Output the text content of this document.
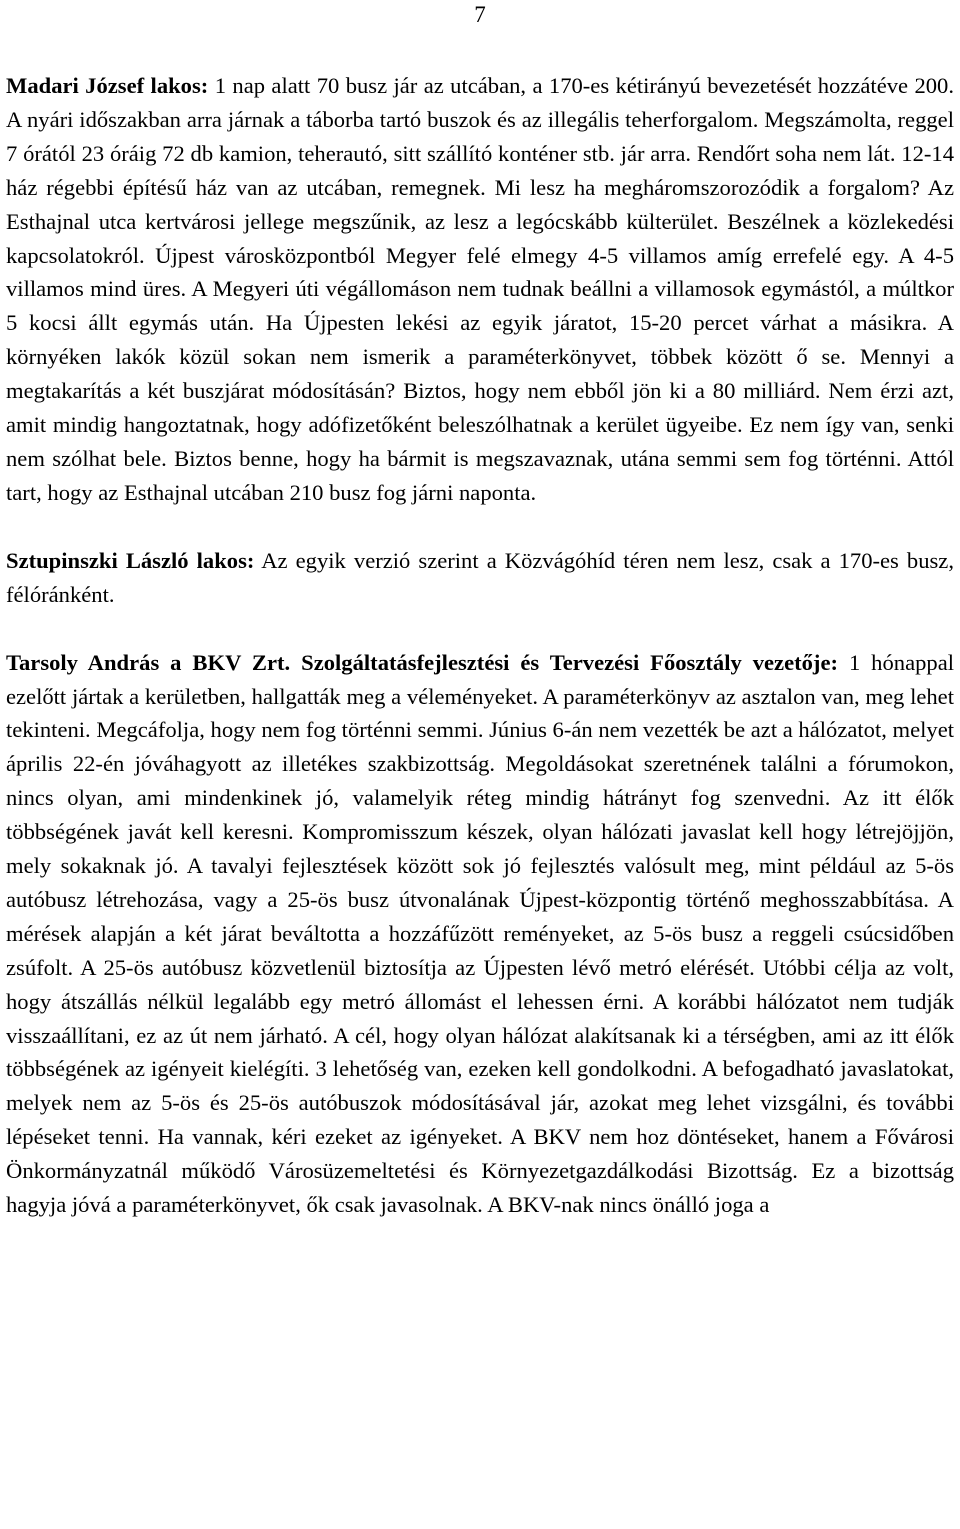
7

Madari József lakos: 1 nap alatt 70 busz jár az utcában, a 170-es kétirányú bevezetését hozzátéve 200. A nyári időszakban arra járnak a táborba tartó buszok és az illegális teherforgalom. Megszámolta, reggel 7 órától 23 óráig 72 db kamion, teherautó, sitt szállító konténer stb. jár arra. Rendőrt soha nem lát. 12-14 ház régebbi építésű ház van az utcában, remegnek. Mi lesz ha megháromszorozódik a forgalom? Az Esthajnal utca kertvárosi jellege megszűnik, az lesz a legócskább külterület. Beszélnek a közlekedési kapcsolatokról. Újpest városközpontból Megyer felé elmegy 4-5 villamos amíg errefelé egy. A 4-5 villamos mind üres. A Megyeri úti végállomáson nem tudnak beállni a villamosok egymástól, a múltkor 5 kocsi állt egymás után. Ha Újpesten lekési az egyik járatot, 15-20 percet várhat a másikra. A környéken lakók közül sokan nem ismerik a paraméterkönyvet, többek között ő se. Mennyi a megtakarítás a két buszjárat módosításán? Biztos, hogy nem ebből jön ki a 80 milliárd. Nem érzi azt, amit mindig hangoztatnak, hogy adófizetőként beleszólhatnak a kerület ügyeibe. Ez nem így van, senki nem szólhat bele. Biztos benne, hogy ha bármit is megszavaznak, utána semmi sem fog történni. Attól tart, hogy az Esthajnal utcában 210 busz fog járni naponta.

Sztupinszki László lakos: Az egyik verzió szerint a Közvágóhíd téren nem lesz, csak a 170-es busz, félóránként.

Tarsoly András a BKV Zrt. Szolgáltatásfejlesztési és Tervezési Főosztály vezetője: 1 hónappal ezelőtt jártak a kerületben, hallgatták meg a véleményeket. A paraméterkönyv az asztalon van, meg lehet tekinteni. Megcáfolja, hogy nem fog történni semmi. Június 6-án nem vezették be azt a hálózatot, melyet április 22-én jóváhagyott az illetékes szakbizottság. Megoldásokat szeretnének találni a fórumokon, nincs olyan, ami mindenkinek jó, valamelyik réteg mindig hátrányt fog szenvedni. Az itt élők többségének javát kell keresni. Kompromisszum készek, olyan hálózati javaslat kell hogy létrejöjjön, mely sokaknak jó. A tavalyi fejlesztések között sok jó fejlesztés valósult meg, mint például az 5-ös autóbusz létrehozása, vagy a 25-ös busz útvonalának Újpest-központig történő meghosszabbítása. A mérések alapján a két járat beváltotta a hozzáfűzött reményeket, az 5-ös busz a reggeli csúcsidőben zsúfolt. A 25-ös autóbusz közvetlenül biztosítja az Újpesten lévő metró elérését. Utóbbi célja az volt, hogy átszállás nélkül legalább egy metró állomást el lehessen érni. A korábbi hálózatot nem tudják visszaállítani, ez az út nem járható. A cél, hogy olyan hálózat alakítsanak ki a térségben, ami az itt élők többségének az igényeit kielégíti. 3 lehetőség van, ezeken kell gondolkodni. A befogadható javaslatokat, melyek nem az 5-ös és 25-ös autóbuszok módosításával jár, azokat meg lehet vizsgálni, és további lépéseket tenni. Ha vannak, kéri ezeket az igényeket. A BKV nem hoz döntéseket, hanem a Fővárosi Önkormányzatnál működő Városüzemeltetési és Környezetgazdálkodási Bizottság. Ez a bizottság hagyja jóvá a paraméterkönyvet, ők csak javasolnak. A BKV-nak nincs önálló joga a
